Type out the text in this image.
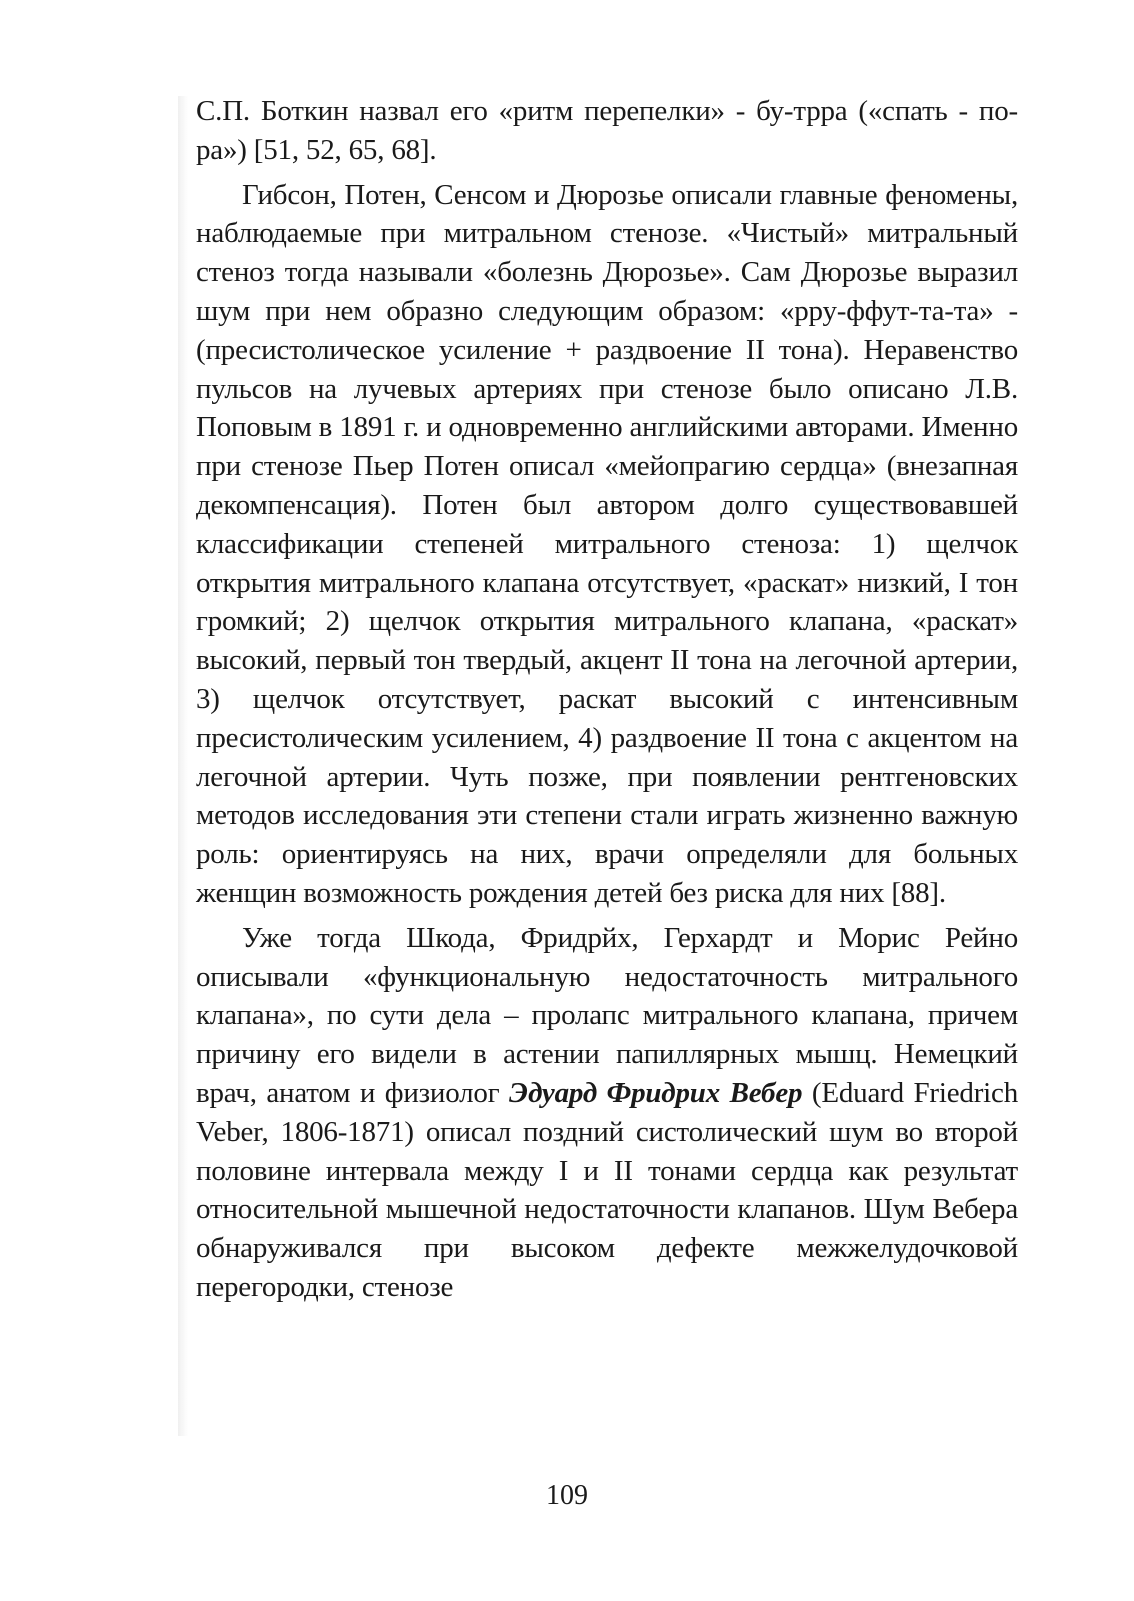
С.П. Боткин назвал его «ритм перепелки» - бу-трра («спать - по-ра») [51, 52, 65, 68].

Гибсон, Потен, Сенсом и Дюрозье описали главные феномены, наблюдаемые при митральном стенозе. «Чистый» митральный стеноз тогда называли «болезнь Дюрозье». Сам Дюрозье выразил шум при нем образно следующим образом: «рру-ффут-та-та» - (пресистолическое усиление + раздвоение II тона). Неравенство пульсов на лучевых артериях при стенозе было описано Л.В. Поповым в 1891 г. и одновременно английскими авторами. Именно при стенозе Пьер Потен описал «мейопрагию сердца» (внезапная декомпенсация). Потен был автором долго существовавшей классификации степеней митрального стеноза: 1) щелчок открытия митрального клапана отсутствует, «раскат» низкий, I тон громкий; 2) щелчок открытия митрального клапана, «раскат» высокий, первый тон твердый, акцент II тона на легочной артерии, 3) щелчок отсутствует, раскат высокий с интенсивным пресистолическим усилением, 4) раздвоение II тона с акцентом на легочной артерии. Чуть позже, при появлении рентгеновских методов исследования эти степени стали играть жизненно важную роль: ориентируясь на них, врачи определяли для больных женщин возможность рождения детей без риска для них [88].

Уже тогда Шкода, Фридрйх, Герхардт и Морис Рейно описывали «функциональную недостаточность митрального клапана», по сути дела – пролапс митрального клапана, причем причину его видели в астении папиллярных мышц. Немецкий врач, анатом и физиолог Эдуард Фридрих Вебер (Eduard Friedrich Veber, 1806-1871) описал поздний систолический шум во второй половине интервала между I и II тонами сердца как результат относительной мышечной недостаточности клапанов. Шум Вебера обнаруживался при высоком дефекте межжелудочковой перегородки, стенозе

109
